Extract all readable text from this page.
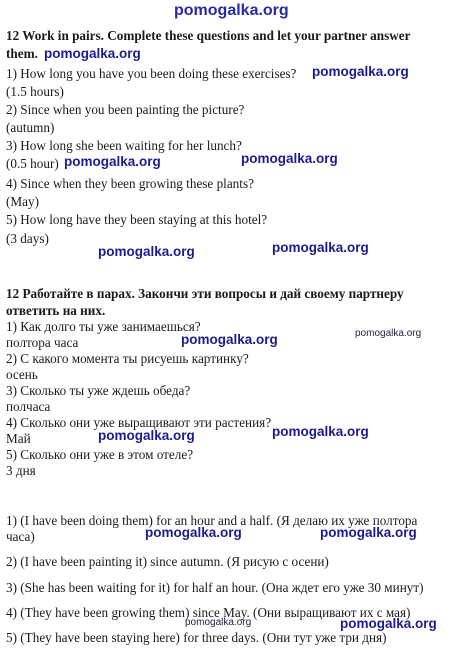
pomogalka.org
12 Work in pairs. Complete these questions and let your partner answer
them. pomogalka.org
1) How long you have you been doing these exercises? pomogalka.org
(1.5 hours)
2) Since when you been painting the picture?
(autumn)
3) How long she been waiting for her lunch?
(0.5 hour) pomogalka.org	pomogalka.org
4) Since when they been growing these plants?
(May)
5) How long have they been staying at this hotel?
(3 days)
pomogalka.org	pomogalka.org
12 Работайте в парах. Закончи эти вопросы и дай своему партнеру
ответить на них.
1) Как долго ты уже занимаешься?
полтора часа	pomogalka.org	pomogalka.org
2) С какого момента ты рисуешь картинку?
осень
3) Сколько ты уже ждешь обеда?
полчаса
4) Сколько они уже выращивают эти растения?
Май	pomogalka.org	pomogalka.org
5) Сколько они уже в этом отеле?
3 дня
1) (I have been doing them) for an hour and a half. (Я делаю их уже полтора
часа)	pomogalka.org	pomogalka.org
2) (I have been painting it) since autumn. (Я рисую с осени)
3) (She has been waiting for it) for half an hour. (Она ждет его уже 30 минут)
4) (They have been growing them) since May. (Они выращивают их с мая)
pomogalka.org	pomogalka.org
5) (They have been staying here) for three days. (Они тут уже три дня)
